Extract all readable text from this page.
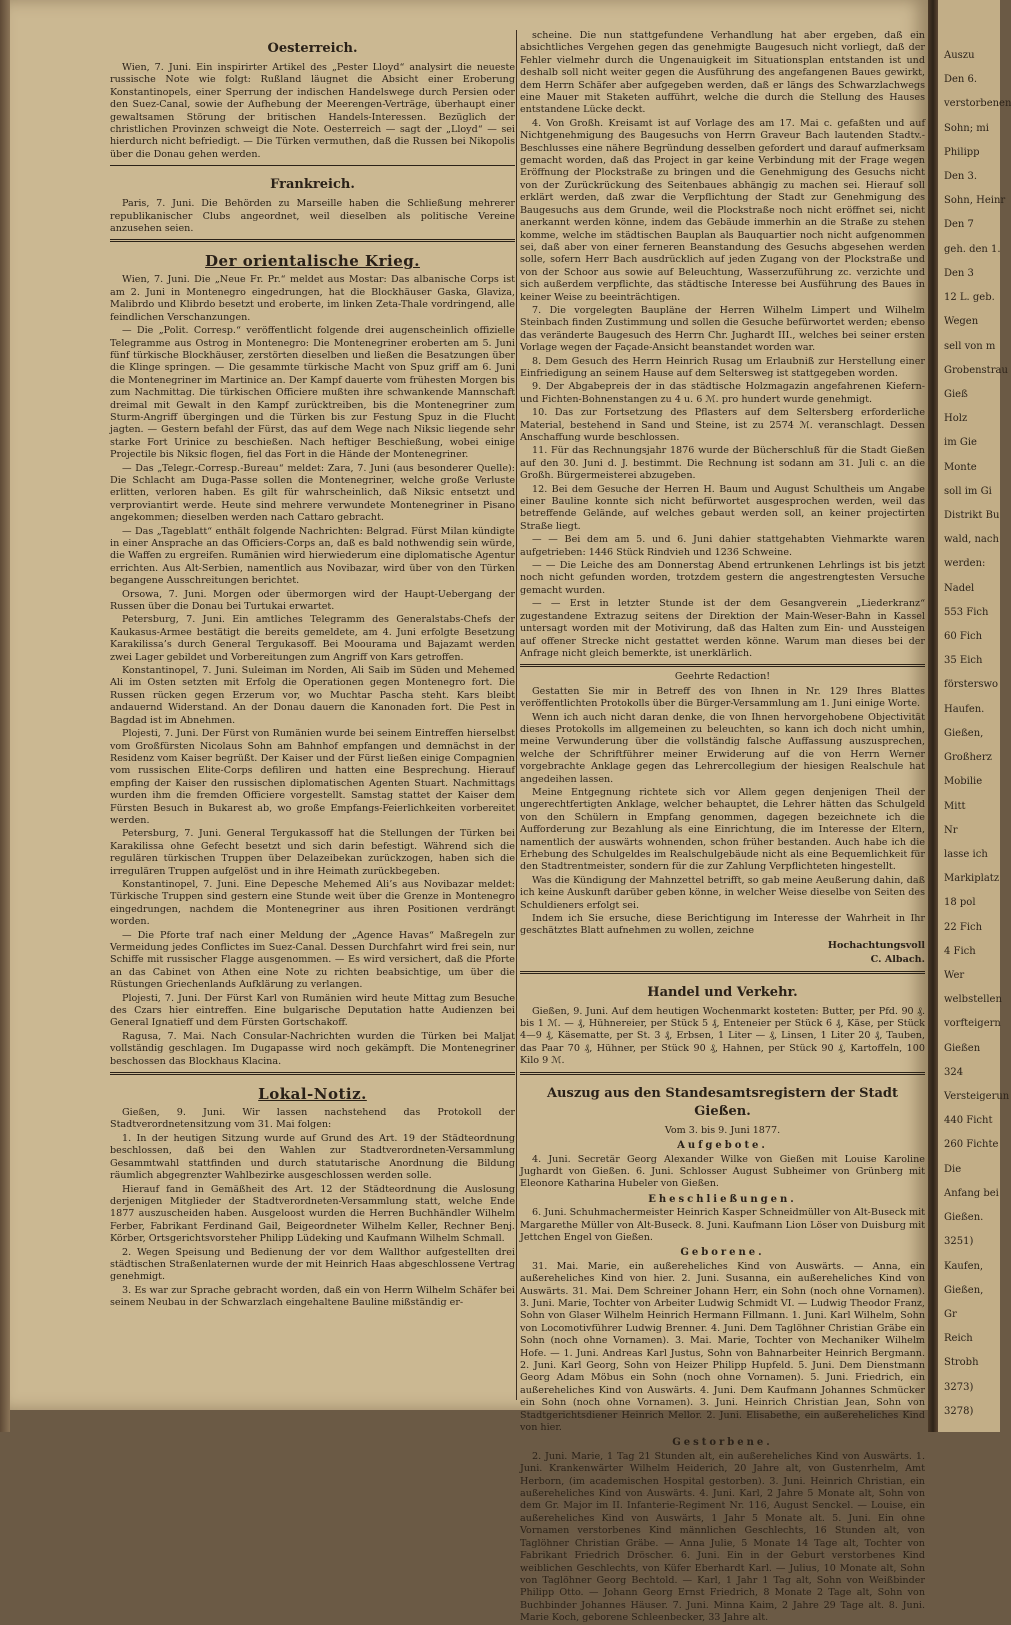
Oesterreich.

Wien, 7. Juni. Ein inspirirter Artikel des „Pester Lloyd“ analysirt die neueste russische Note wie folgt: Rußland läugnet die Absicht einer Eroberung Konstantinopels, einer Sperrung der indischen Handelswege durch Persien oder den Suez-Canal, sowie der Aufhebung der Meerengen-Verträge, überhaupt einer gewaltsamen Störung der britischen Handels-Interessen. Bezüglich der christlichen Provinzen schweigt die Note. Oesterreich — sagt der „Lloyd“ — sei hierdurch nicht befriedigt. — Die Türken vermuthen, daß die Russen bei Nikopolis über die Donau gehen werden.

Frankreich.

Paris, 7. Juni. Die Behörden zu Marseille haben die Schließung mehrerer republikanischer Clubs angeordnet, weil dieselben als politische Vereine anzusehen seien.

Der orientalische Krieg.

Wien, 7. Juni. Die „Neue Fr. Pr.“ meldet aus Mostar: Das albanische Corps ist am 2. Juni in Montenegro eingedrungen, hat die Blockhäuser Gaska, Glaviza, Malibrdo und Klibrdo besetzt und eroberte, im linken Zeta-Thale vordringend, alle feindlichen Verschanzungen.

— Die „Polit. Corresp.“ veröffentlicht folgende drei augenscheinlich offizielle Telegramme aus Ostrog in Montenegro: Die Montenegriner eroberten am 5. Juni fünf türkische Blockhäuser, zerstörten dieselben und ließen die Besatzungen über die Klinge springen. — Die gesammte türkische Macht von Spuz griff am 6. Juni die Montenegriner im Martinice an. Der Kampf dauerte vom frühesten Morgen bis zum Nachmittag. Die türkischen Officiere mußten ihre schwankende Mannschaft dreimal mit Gewalt in den Kampf zurücktreiben, bis die Montenegriner zum Sturm-Angriff übergingen und die Türken bis zur Festung Spuz in die Flucht jagten. — Gestern befahl der Fürst, das auf dem Wege nach Niksic liegende sehr starke Fort Urinice zu beschießen. Nach heftiger Beschießung, wobei einige Projectile bis Niksic flogen, fiel das Fort in die Hände der Montenegriner.

— Das „Telegr.-Corresp.-Bureau“ meldet: Zara, 7. Juni (aus besonderer Quelle): Die Schlacht am Duga-Passe sollen die Montenegriner, welche große Verluste erlitten, verloren haben. Es gilt für wahrscheinlich, daß Niksic entsetzt und verproviantirt werde. Heute sind mehrere verwundete Montenegriner in Pisano angekommen; dieselben werden nach Cattaro gebracht.

— Das „Tageblatt“ enthält folgende Nachrichten: Belgrad. Fürst Milan kündigte in einer Ansprache an das Officiers-Corps an, daß es bald nothwendig sein würde, die Waffen zu ergreifen. Rumänien wird hierwiederum eine diplomatische Agentur errichten. Aus Alt-Serbien, namentlich aus Novibazar, wird über von den Türken begangene Ausschreitungen berichtet.

Orsowa, 7. Juni. Morgen oder übermorgen wird der Haupt-Uebergang der Russen über die Donau bei Turtukai erwartet.

Petersburg, 7. Juni. Ein amtliches Telegramm des Generalstabs-Chefs der Kaukasus-Armee bestätigt die bereits gemeldete, am 4. Juni erfolgte Besetzung Karakilissa’s durch General Tergukasoff. Bei Moourama und Bajazamt werden zwei Lager gebildet und Vorbereitungen zum Angriff von Kars getroffen.

Konstantinopel, 7. Juni. Suleiman im Norden, Ali Saib im Süden und Mehemed Ali im Osten setzten mit Erfolg die Operationen gegen Montenegro fort. Die Russen rücken gegen Erzerum vor, wo Muchtar Pascha steht. Kars bleibt andauernd Widerstand. An der Donau dauern die Kanonaden fort. Die Pest in Bagdad ist im Abnehmen.

Plojesti, 7. Juni. Der Fürst von Rumänien wurde bei seinem Eintreffen hierselbst vom Großfürsten Nicolaus Sohn am Bahnhof empfangen und demnächst in der Residenz vom Kaiser begrüßt. Der Kaiser und der Fürst ließen einige Compagnien vom russischen Elite-Corps defiliren und hatten eine Besprechung. Hierauf empfing der Kaiser den russischen diplomatischen Agenten Stuart. Nachmittags wurden ihm die fremden Officiere vorgestellt. Samstag stattet der Kaiser dem Fürsten Besuch in Bukarest ab, wo große Empfangs-Feierlichkeiten vorbereitet werden.

Petersburg, 7. Juni. General Tergukassoff hat die Stellungen der Türken bei Karakilissa ohne Gefecht besetzt und sich darin befestigt. Während sich die regulären türkischen Truppen über Delazeibekan zurückzogen, haben sich die irregulären Truppen aufgelöst und in ihre Heimath zurückbegeben.

Konstantinopel, 7. Juni. Eine Depesche Mehemed Ali’s aus Novibazar meldet: Türkische Truppen sind gestern eine Stunde weit über die Grenze in Montenegro eingedrungen, nachdem die Montenegriner aus ihren Positionen verdrängt worden.

— Die Pforte traf nach einer Meldung der „Agence Havas“ Maßregeln zur Vermeidung jedes Conflictes im Suez-Canal. Dessen Durchfahrt wird frei sein, nur Schiffe mit russischer Flagge ausgenommen. — Es wird versichert, daß die Pforte an das Cabinet von Athen eine Note zu richten beabsichtige, um über die Rüstungen Griechenlands Aufklärung zu verlangen.

Plojesti, 7. Juni. Der Fürst Karl von Rumänien wird heute Mittag zum Besuche des Czars hier eintreffen. Eine bulgarische Deputation hatte Audienzen bei General Ignatieff und dem Fürsten Gortschakoff.

Ragusa, 7. Mai. Nach Consular-Nachrichten wurden die Türken bei Maljat vollständig geschlagen. Im Dugapasse wird noch gekämpft. Die Montenegriner beschossen das Blockhaus Klacina.

Lokal-Notiz.

Gießen, 9. Juni. Wir lassen nachstehend das Protokoll der Stadtverordnetensitzung vom 31. Mai folgen:

1. In der heutigen Sitzung wurde auf Grund des Art. 19 der Städteordnung beschlossen, daß bei den Wahlen zur Stadtverordneten-Versammlung Gesammtwahl stattfinden und durch statutarische Anordnung die Bildung räumlich abgegrenzter Wahlbezirke ausgeschlossen werden solle.

Hierauf fand in Gemäßheit des Art. 12 der Städteordnung die Auslosung derjenigen Mitglieder der Stadtverordneten-Versammlung statt, welche Ende 1877 auszuscheiden haben. Ausgeloost wurden die Herren Buchhändler Wilhelm Ferber, Fabrikant Ferdinand Gail, Beigeordneter Wilhelm Keller, Rechner Benj. Körber, Ortsgerichtsvorsteher Philipp Lüdeking und Kaufmann Wilhelm Schmall.

2. Wegen Speisung und Bedienung der vor dem Wallthor aufgestellten drei städtischen Straßenlaternen wurde der mit Heinrich Haas abgeschlossene Vertrag genehmigt.

3. Es war zur Sprache gebracht worden, daß ein von Herrn Wilhelm Schäfer bei seinem Neubau in der Schwarzlach eingehaltene Bauline mißständig er-

scheine. Die nun stattgefundene Verhandlung hat aber ergeben, daß ein absichtliches Vergehen gegen das genehmigte Baugesuch nicht vorliegt, daß der Fehler vielmehr durch die Ungenauigkeit im Situationsplan entstanden ist und deshalb soll nicht weiter gegen die Ausführung des angefangenen Baues gewirkt, dem Herrn Schäfer aber aufgegeben werden, daß er längs des Schwarzlachwegs eine Mauer mit Staketen aufführt, welche die durch die Stellung des Hauses entstandene Lücke deckt.

4. Von Großh. Kreisamt ist auf Vorlage des am 17. Mai c. gefaßten und auf Nichtgenehmigung des Baugesuchs von Herrn Graveur Bach lautenden Stadtv.-Beschlusses eine nähere Begründung desselben gefordert und darauf aufmerksam gemacht worden, daß das Project in gar keine Verbindung mit der Frage wegen Eröffnung der Plockstraße zu bringen und die Genehmigung des Gesuchs nicht von der Zurückrückung des Seitenbaues abhängig zu machen sei. Hierauf soll erklärt werden, daß zwar die Verpflichtung der Stadt zur Genehmigung des Baugesuchs aus dem Grunde, weil die Plockstraße noch nicht eröffnet sei, nicht anerkannt werden könne, indem das Gebäude immerhin an die Straße zu stehen komme, welche im städtischen Bauplan als Bauquartier noch nicht aufgenommen sei, daß aber von einer ferneren Beanstandung des Gesuchs abgesehen werden solle, sofern Herr Bach ausdrücklich auf jeden Zugang von der Plockstraße und von der Schoor aus sowie auf Beleuchtung, Wasserzuführung zc. verzichte und sich außerdem verpflichte, das städtische Interesse bei Ausführung des Baues in keiner Weise zu beeinträchtigen.

7. Die vorgelegten Baupläne der Herren Wilhelm Limpert und Wilhelm Steinbach finden Zustimmung und sollen die Gesuche befürwortet werden; ebenso das veränderte Baugesuch des Herrn Chr. Jughardt III., welches bei seiner ersten Vorlage wegen der Façade-Ansicht beanstandet worden war.

8. Dem Gesuch des Herrn Heinrich Rusag um Erlaubniß zur Herstellung einer Einfriedigung an seinem Hause auf dem Seltersweg ist stattgegeben worden.

9. Der Abgabepreis der in das städtische Holzmagazin angefahrenen Kiefern- und Fichten-Bohnenstangen zu 4 u. 6 ℳ. pro hundert wurde genehmigt.

10. Das zur Fortsetzung des Pflasters auf dem Seltersberg erforderliche Material, bestehend in Sand und Steine, ist zu 2574 ℳ. veranschlagt. Dessen Anschaffung wurde beschlossen.

11. Für das Rechnungsjahr 1876 wurde der Bücherschluß für die Stadt Gießen auf den 30. Juni d. J. bestimmt. Die Rechnung ist sodann am 31. Juli c. an die Großh. Bürgermeisterei abzugeben.

12. Bei dem Gesuche der Herren H. Baum und August Schultheis um Angabe einer Bauline konnte sich nicht befürwortet ausgesprochen werden, weil das betreffende Gelände, auf welches gebaut werden soll, an keiner projectirten Straße liegt.

— — Bei dem am 5. und 6. Juni dahier stattgehabten Viehmarkte waren aufgetrieben: 1446 Stück Rindvieh und 1236 Schweine.

— — Die Leiche des am Donnerstag Abend ertrunkenen Lehrlings ist bis jetzt noch nicht gefunden worden, trotzdem gestern die angestrengtesten Versuche gemacht wurden.

— — Erst in letzter Stunde ist der dem Gesangverein „Liederkranz“ zugestandene Extrazug seitens der Direktion der Main-Weser-Bahn in Kassel untersagt worden mit der Motivirung, daß das Halten zum Ein- und Aussteigen auf offener Strecke nicht gestattet werden könne. Warum man dieses bei der Anfrage nicht gleich bemerkte, ist unerklärlich.

Geehrte Redaction!

Gestatten Sie mir in Betreff des von Ihnen in Nr. 129 Ihres Blattes veröffentlichten Protokolls über die Bürger-Versammlung am 1. Juni einige Worte.

Wenn ich auch nicht daran denke, die von Ihnen hervorgehobene Objectivität dieses Protokolls im allgemeinen zu beleuchten, so kann ich doch nicht umhin, meine Verwunderung über die vollständig falsche Auffassung auszusprechen, welche der Schriftführer meiner Erwiderung auf die von Herrn Werner vorgebrachte Anklage gegen das Lehrercollegium der hiesigen Realschule hat angedeihen lassen.

Meine Entgegnung richtete sich vor Allem gegen denjenigen Theil der ungerechtfertigten Anklage, welcher behauptet, die Lehrer hätten das Schulgeld von den Schülern in Empfang genommen, dagegen bezeichnete ich die Aufforderung zur Bezahlung als eine Einrichtung, die im Interesse der Eltern, namentlich der auswärts wohnenden, schon früher bestanden. Auch habe ich die Erhebung des Schulgeldes im Realschulgebäude nicht als eine Bequemlichkeit für den Stadtrentmeister, sondern für die zur Zahlung Verpflichteten hingestellt.

Was die Kündigung der Mahnzettel betrifft, so gab meine Aeußerung dahin, daß ich keine Auskunft darüber geben könne, in welcher Weise dieselbe von Seiten des Schuldieners erfolgt sei.

Indem ich Sie ersuche, diese Berichtigung im Interesse der Wahrheit in Ihr geschätztes Blatt aufnehmen zu wollen, zeichne

Hochachtungsvoll
C. Albach.
Handel und Verkehr.

Gießen, 9. Juni. Auf dem heutigen Wochenmarkt kosteten: Butter, per Pfd. 90 ₰. bis 1 ℳ. — ₰, Hühnereier, per Stück 5 ₰, Enteneier per Stück 6 ₰, Käse, per Stück 4—9 ₰, Käsematte, per St. 3 ₰, Erbsen, 1 Liter — ₰, Linsen, 1 Liter 20 ₰, Tauben, das Paar 70 ₰, Hühner, per Stück 90 ₰, Hahnen, per Stück 90 ₰, Kartoffeln, 100 Kilo 9 ℳ.

Auszug aus den Standesamtsregistern der Stadt Gießen.
Vom 3. bis 9. Juni 1877.
Aufgebote.

4. Juni. Secretär Georg Alexander Wilke von Gießen mit Louise Karoline Jughardt von Gießen. 6. Juni. Schlosser August Subheimer von Grünberg mit Eleonore Katharina Hubeler von Gießen.

Eheschließungen.

6. Juni. Schuhmachermeister Heinrich Kasper Schneidmüller von Alt-Buseck mit Margarethe Müller von Alt-Buseck. 8. Juni. Kaufmann Lion Löser von Duisburg mit Jettchen Engel von Gießen.

Geborene.

31. Mai. Marie, ein außereheliches Kind von Auswärts. — Anna, ein außereheliches Kind von hier. 2. Juni. Susanna, ein außereheliches Kind von Auswärts. 31. Mai. Dem Schreiner Johann Herr, ein Sohn (noch ohne Vornamen). 3. Juni. Marie, Tochter von Arbeiter Ludwig Schmidt VI. — Ludwig Theodor Franz, Sohn von Glaser Wilhelm Heinrich Hermann Fillmann. 1. Juni. Karl Wilhelm, Sohn von Locomotivführer Ludwig Brenner. 4. Juni. Dem Taglöhner Christian Gräbe ein Sohn (noch ohne Vornamen). 3. Mai. Marie, Tochter von Mechaniker Wilhelm Hofe. — 1. Juni. Andreas Karl Justus, Sohn von Bahnarbeiter Heinrich Bergmann. 2. Juni. Karl Georg, Sohn von Heizer Philipp Hupfeld. 5. Juni. Dem Dienstmann Georg Adam Möbus ein Sohn (noch ohne Vornamen). 5. Juni. Friedrich, ein außereheliches Kind von Auswärts. 4. Juni. Dem Kaufmann Johannes Schmücker ein Sohn (noch ohne Vornamen). 3. Juni. Heinrich Christian Jean, Sohn von Stadtgerichtsdiener Heinrich Mellor. 2. Juni. Elisabethe, ein außereheliches Kind von hier.

Gestorbene.

2. Juni. Marie, 1 Tag 21 Stunden alt, ein außereheliches Kind von Auswärts. 1. Juni. Krankenwärter Wilhelm Heiderich, 20 Jahre alt, von Gustenrhelm, Amt Herborn, (im academischen Hospital gestorben). 3. Juni. Heinrich Christian, ein außereheliches Kind von Auswärts. 4. Juni. Karl, 2 Jahre 5 Monate alt, Sohn von dem Gr. Major im II. Infanterie-Regiment Nr. 116, August Senckel. — Louise, ein außereheliches Kind von Auswärts, 1 Jahr 5 Monate alt. 5. Juni. Ein ohne Vornamen verstorbenes Kind männlichen Geschlechts, 16 Stunden alt, von Taglöhner Christian Gräbe. — Anna Julie, 5 Monate 14 Tage alt, Tochter von Fabrikant Friedrich Dröscher. 6. Juni. Ein in der Geburt verstorbenes Kind weiblichen Geschlechts, von Küfer Eberhardt Karl. — Julius, 10 Monate alt, Sohn von Taglöhner Georg Bechtold. — Karl, 1 Jahr 1 Tag alt, Sohn von Weißbinder Philipp Otto. — Johann Georg Ernst Friedrich, 8 Monate 2 Tage alt, Sohn von Buchbinder Johannes Häuser. 7. Juni. Minna Kaim, 2 Jahre 29 Tage alt. 8. Juni. Marie Koch, geborene Schleenbecker, 33 Jahre alt.

Auszu
Den 6.
verstorbenen
Sohn; mi
Philipp
Den 3.
Sohn, Heinr
Den 7
geh. den 1.
Den 3
12 L. geb.
Wegen
sell von m
Grobenstrau
Gieß
Holz
im Gie
Monte
soll im Gi
Distrikt Bu
wald, nach
werden:
Nadel
553 Fich
60 Fich
35 Eich
försterswo
Haufen.
Gießen,
Großherz
Mobilie
Mitt
Nr
lasse ich
Markiplatz
18 pol
22 Fich
4 Fich
Wer
welbstellen
vorfteigern
Gießen
324
Versteigerun
440 Ficht
260 Fichte
Die
Anfang bei
Gießen.
3251)
Kaufen,
Gießen,
Gr
Reich
Strobh
3273)
3278)
